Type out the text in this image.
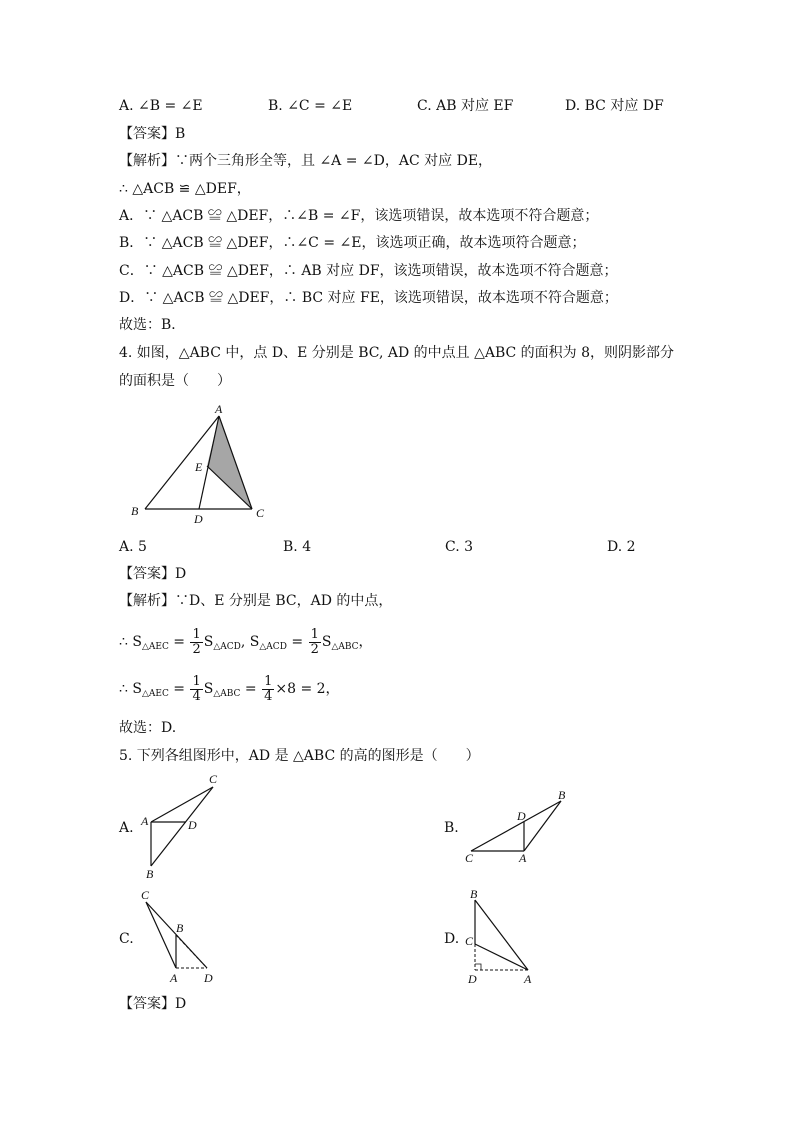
A. ∠B = ∠E	B. ∠C = ∠E	C. AB 对应 EF	D. BC 对应 DF
【答案】B
【解析】∵两个三角形全等，且 ∠A = ∠D，AC 对应 DE，
∴ △ACB ≌ △DEF，
A．∵ △ACB ≌ △DEF，∴∠B = ∠F，该选项错误，故本选项不符合题意；
B．∵ △ACB ≌ △DEF，∴∠C = ∠E，该选项正确，故本选项符合题意；
C．∵ △ACB ≌ △DEF，∴ AB 对应 DF，该选项错误，故本选项不符合题意；
D．∵ △ACB ≌ △DEF，∴ BC 对应 FE，该选项错误，故本选项不符合题意；
故选：B．
4. 如图，△ABC 中，点 D、E 分别是 BC, AD 的中点且 △ABC 的面积为 8，则阴影部分
的面积是（　　）
A
B	C
D
E
A. 5	B. 4	C. 3	D. 2
【答案】D
【解析】∵D、E 分别是 BC，AD 的中点，
∴ $S_{\triangle AEC} = \frac{1}{2} S_{\triangle ACD}$, $S_{\triangle ACD} = \frac{1}{2} S_{\triangle ABC}$，
∴ $S_{\triangle AEC} = \frac{1}{4} S_{\triangle ABC} = \frac{1}{4} \times 8 = 2$，
故选：D.
5. 下列各组图形中，AD 是 △ABC 的高的图形是（　　）
A.	B.
C.	D.
C
A	D
B
B
D
C	A
C
B
A D
B
C
D	A
【答案】D
